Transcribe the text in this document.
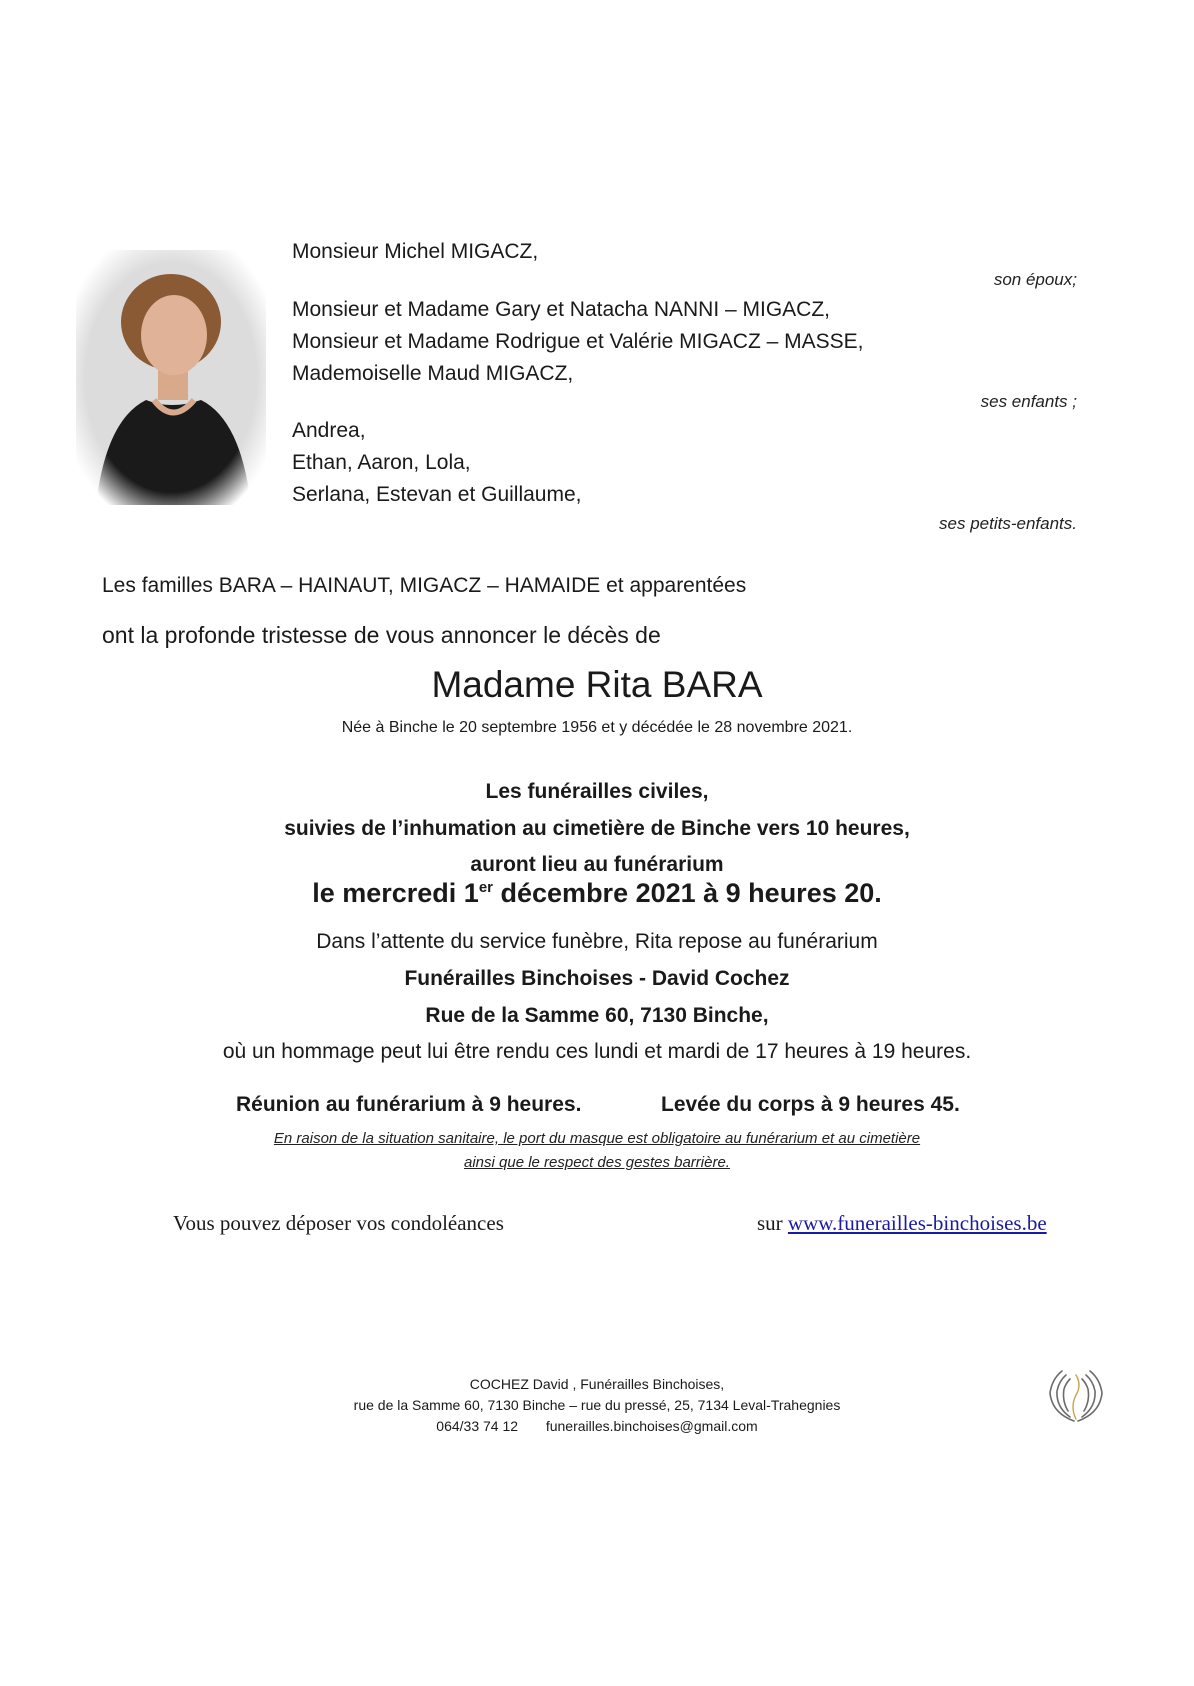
Monsieur Michel MIGACZ,
son époux;
Monsieur et Madame Gary et Natacha NANNI – MIGACZ,
Monsieur et Madame Rodrigue et Valérie MIGACZ – MASSE,
Mademoiselle Maud MIGACZ,
ses enfants ;
Andrea,
Ethan, Aaron, Lola,
Serlana, Estevan et Guillaume,
ses petits-enfants.
Les familles BARA – HAINAUT, MIGACZ – HAMAIDE et apparentées
ont la profonde tristesse de vous annoncer le décès de
Madame Rita BARA
Née à Binche le 20 septembre 1956 et y décédée le 28 novembre 2021.
Les funérailles civiles,
suivies de l’inhumation au cimetière de Binche vers 10 heures,
auront lieu au funérarium
le mercredi 1er décembre 2021 à 9 heures 20.
Dans l’attente du service funèbre, Rita repose au funérarium
Funérailles Binchoises - David Cochez
Rue de la Samme 60, 7130 Binche,
où un hommage peut lui être rendu ces lundi et mardi de 17 heures à 19 heures.
Réunion au funérarium à 9 heures.	Levée du corps à 9 heures 45.
En raison de la situation sanitaire, le port du masque est obligatoire au funérarium et au cimetière
ainsi que le respect des gestes barrière.
Vous pouvez déposer vos condoléances	sur www.funerailles-binchoises.be
COCHEZ David , Funérailles Binchoises,
rue de la Samme 60, 7130 Binche – rue du pressé, 25, 7134 Leval-Trahegnies
064/33 74 12 funerailles.binchoises@gmail.com
